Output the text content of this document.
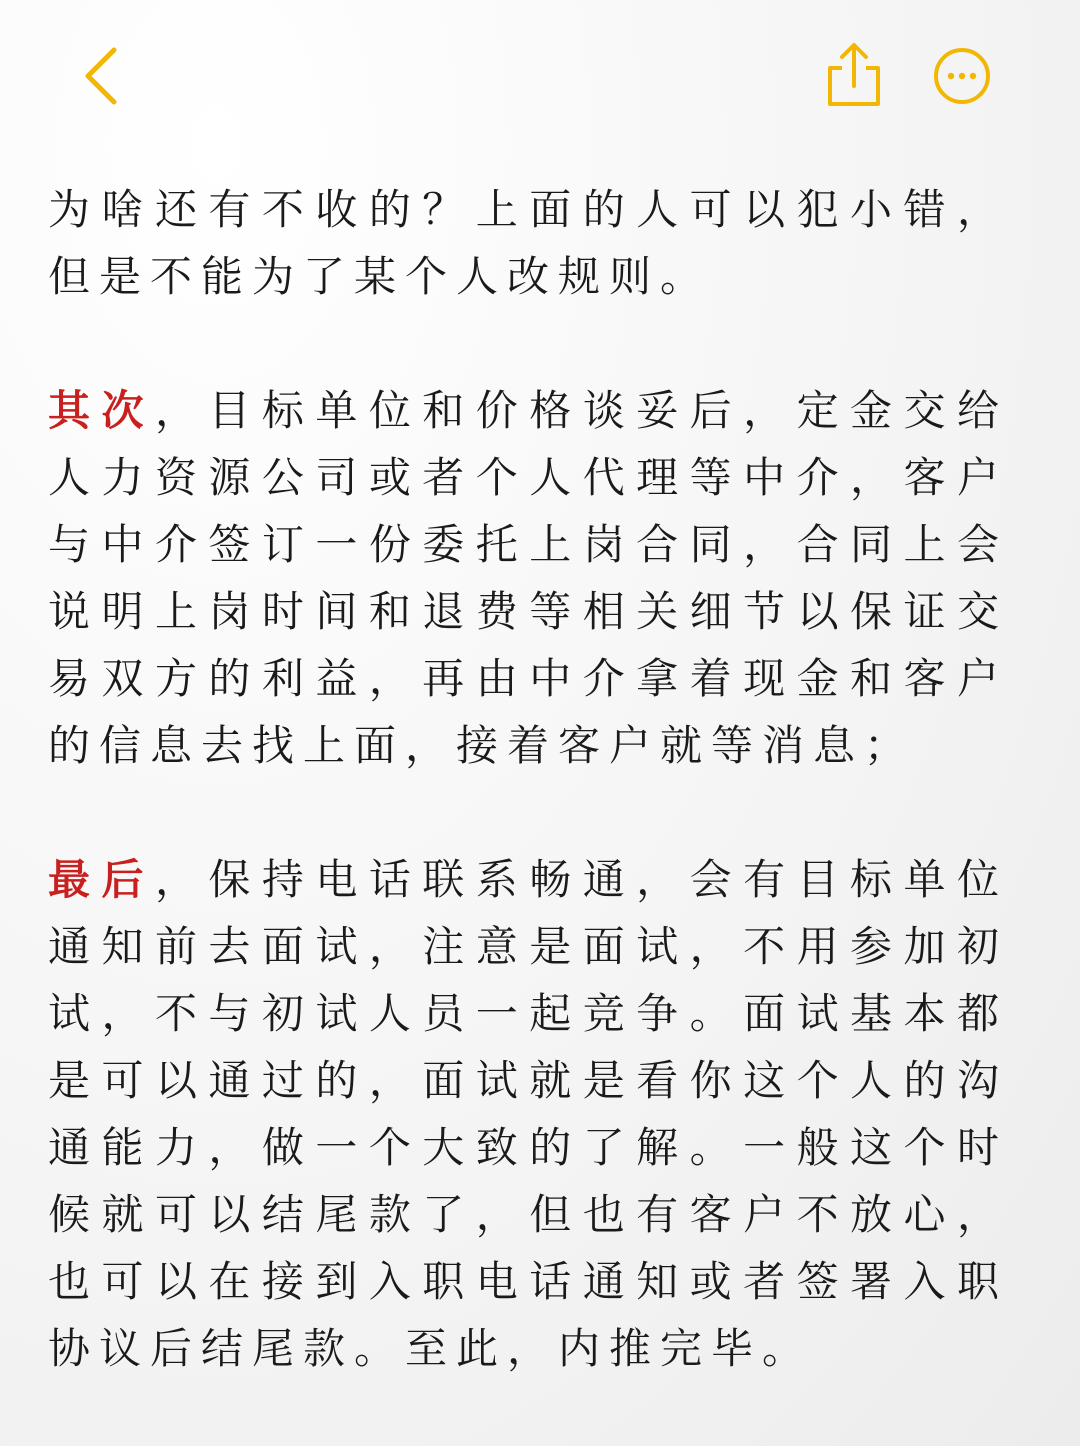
为啥还有不收的？上面的人可以犯小错，但是不能为了某个人改规则。

其次，目标单位和价格谈妥后，定金交给人力资源公司或者个人代理等中介，客户与中介签订一份委托上岗合同，合同上会说明上岗时间和退费等相关细节以保证交易双方的利益，再由中介拿着现金和客户的信息去找上面，接着客户就等消息；

最后，保持电话联系畅通，会有目标单位通知前去面试，注意是面试，不用参加初试，不与初试人员一起竞争。面试基本都是可以通过的，面试就是看你这个人的沟通能力，做一个大致的了解。一般这个时候就可以结尾款了，但也有客户不放心，也可以在接到入职电话通知或者签署入职协议后结尾款。至此，内推完毕。
